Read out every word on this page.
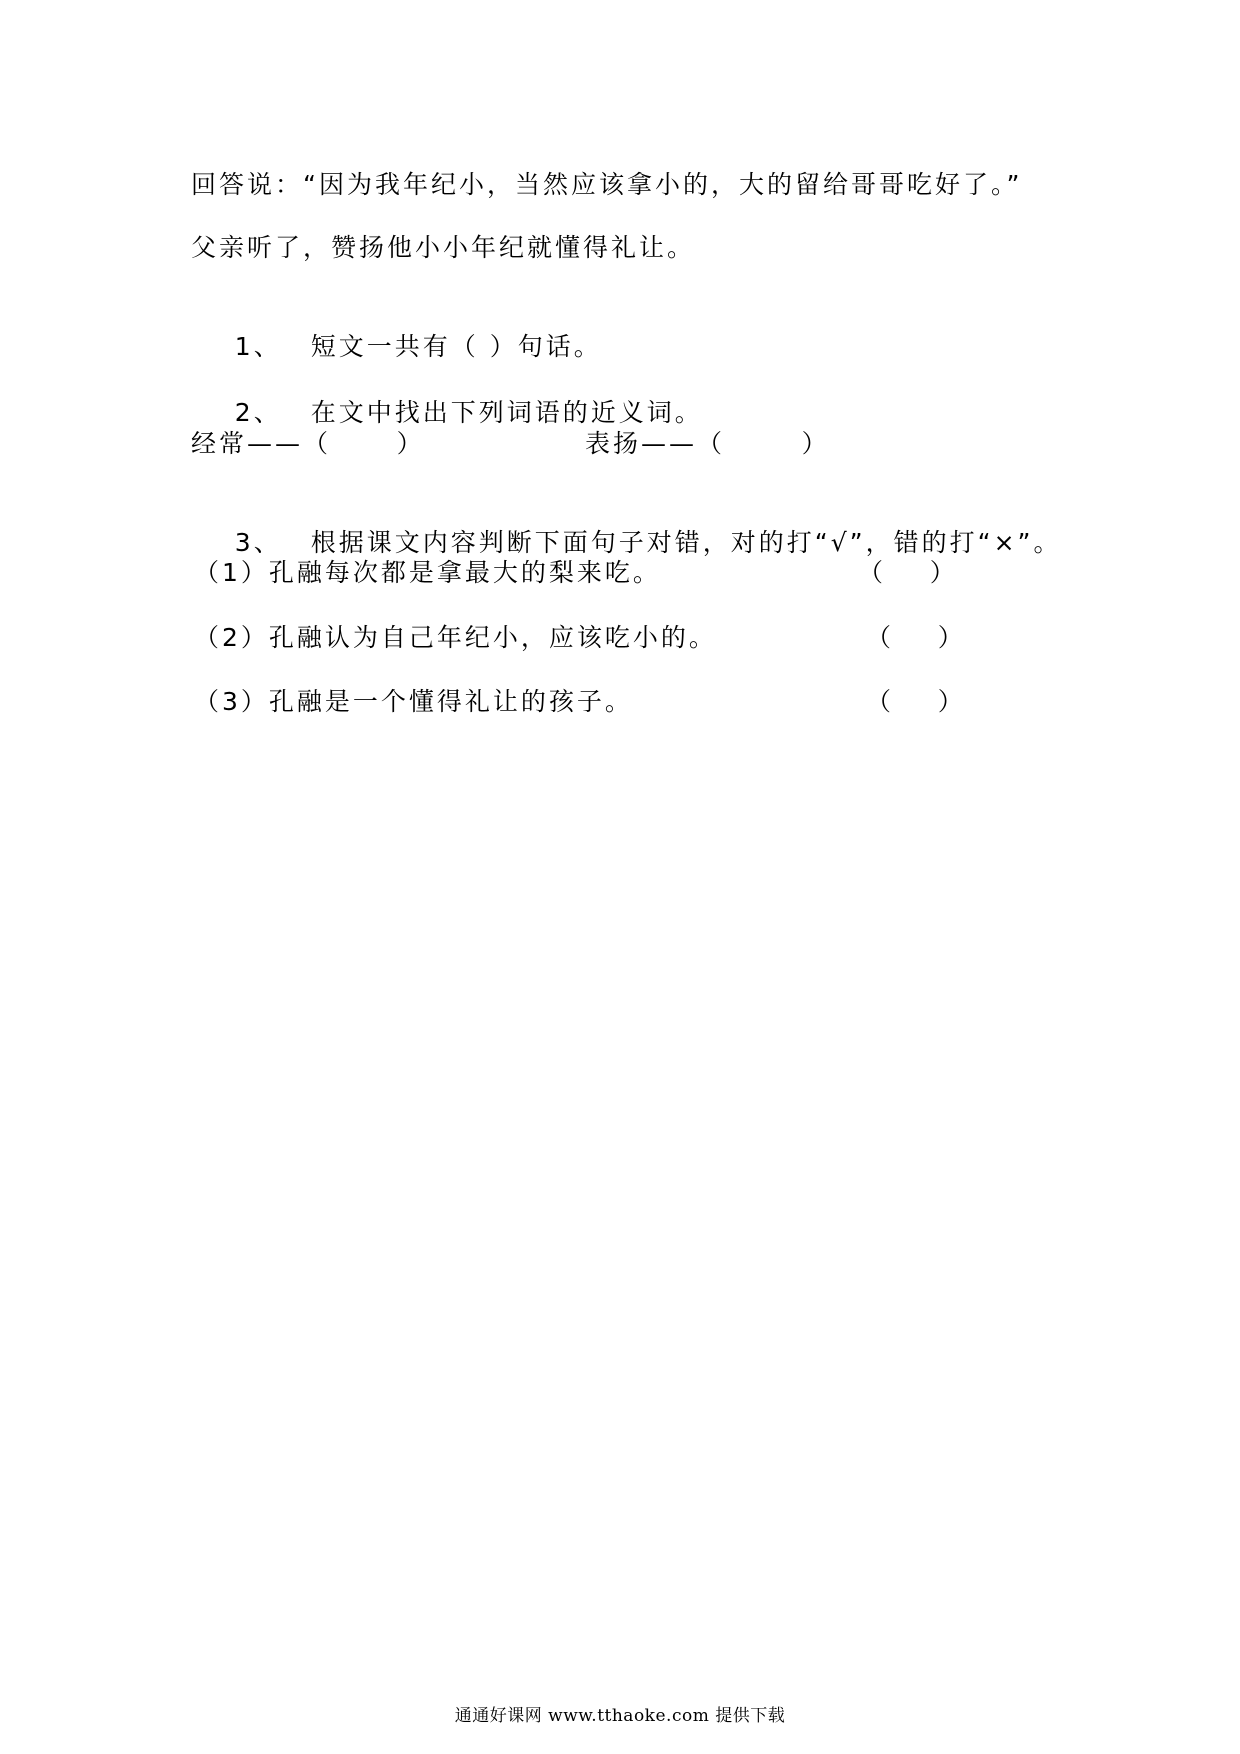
回答说：“因为我年纪小，当然应该拿小的，大的留给哥哥吃好了。”
父亲听了，赞扬他小小年纪就懂得礼让。

1、 短文一共有（ ）句话。

2、 在文中找出下列词语的近义词。

经常——（      ）	表扬——（       ）

3、 根据课文内容判断下面句子对错，对的打“√”，错的打“×”。

（1）孔融每次都是拿最大的梨来吃。	（    ）
（2）孔融认为自己年纪小，应该吃小的。	（    ）
（3）孔融是一个懂得礼让的孩子。	（    ）
通通好课网 www.tthaoke.com 提供下载
